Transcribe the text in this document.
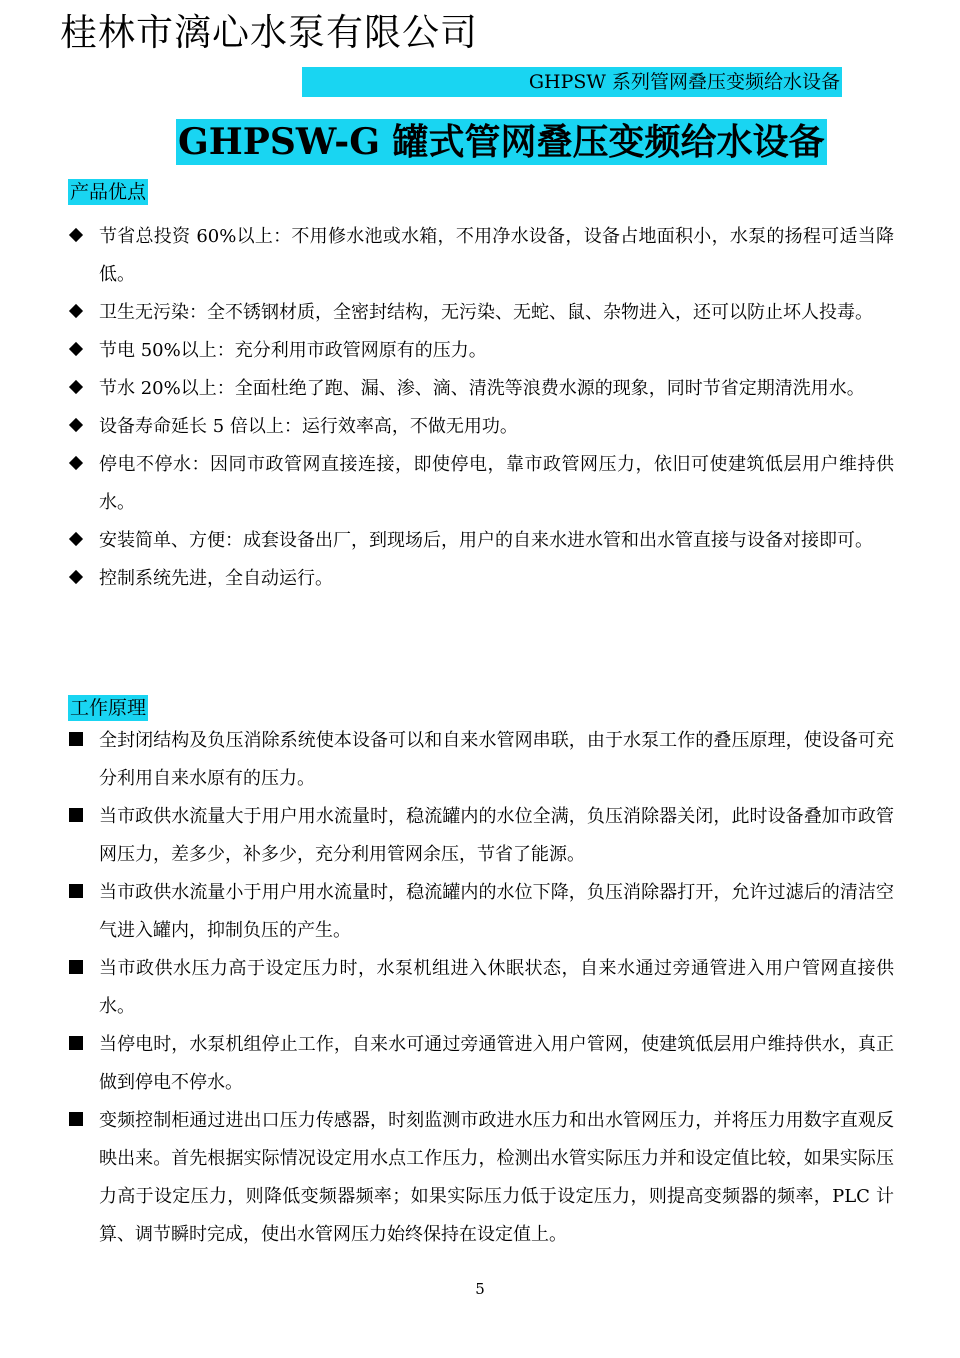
桂林市漓心水泵有限公司
GHPSW 系列管网叠压变频给水设备
GHPSW-G 罐式管网叠压变频给水设备
产品优点
节省总投资 60%以上：不用修水池或水箱，不用净水设备，设备占地面积小，水泵的扬程可适当降低。
卫生无污染：全不锈钢材质，全密封结构，无污染、无蛇、鼠、杂物进入，还可以防止坏人投毒。
节电 50%以上：充分利用市政管网原有的压力。
节水 20%以上：全面杜绝了跑、漏、渗、滴、清洗等浪费水源的现象，同时节省定期清洗用水。
设备寿命延长 5 倍以上：运行效率高，不做无用功。
停电不停水：因同市政管网直接连接，即使停电，靠市政管网压力，依旧可使建筑低层用户维持供水。
安装简单、方便：成套设备出厂，到现场后，用户的自来水进水管和出水管直接与设备对接即可。
控制系统先进，全自动运行。
工作原理
全封闭结构及负压消除系统使本设备可以和自来水管网串联，由于水泵工作的叠压原理，使设备可充分利用自来水原有的压力。
当市政供水流量大于用户用水流量时，稳流罐内的水位全满，负压消除器关闭，此时设备叠加市政管网压力，差多少，补多少，充分利用管网余压，节省了能源。
当市政供水流量小于用户用水流量时，稳流罐内的水位下降，负压消除器打开，允许过滤后的清洁空气进入罐内，抑制负压的产生。
当市政供水压力高于设定压力时，水泵机组进入休眠状态，自来水通过旁通管进入用户管网直接供水。
当停电时，水泵机组停止工作，自来水可通过旁通管进入用户管网，使建筑低层用户维持供水，真正做到停电不停水。
变频控制柜通过进出口压力传感器，时刻监测市政进水压力和出水管网压力，并将压力用数字直观反映出来。首先根据实际情况设定用水点工作压力，检测出水管实际压力并和设定值比较，如果实际压力高于设定压力，则降低变频器频率；如果实际压力低于设定压力，则提高变频器的频率，PLC 计算、调节瞬时完成，使出水管网压力始终保持在设定值上。
5
